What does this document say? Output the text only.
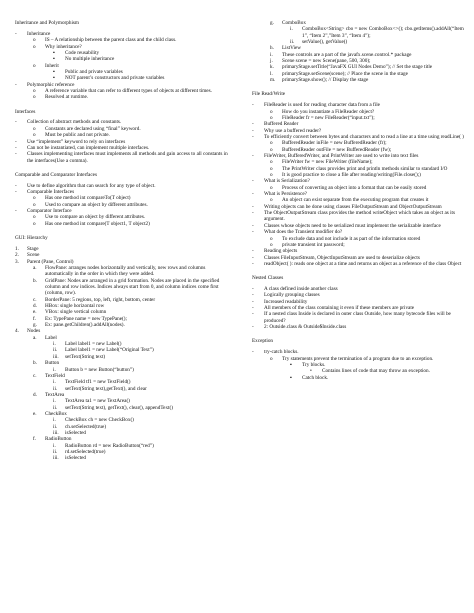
Inheritance and Polymorphism
- Inheritance
o IS – A relationship between the parent class and the child class.
o Why inheritance?
▪ Code reusability
▪ No multiple inheritance
o Inherit
▪ Public and private variables
▪ NOT parent’s constructors and private variables
- Polymorphic reference
o A reference variable that can refer to different types of objects at different times.
o Resolved at runtime.
Interfaces
- Collection of abstract methods and constants.
o Constants are declared using “final” keyword.
o Must be public and not private.
- Use “implement” keyword to rely on interfaces
- Can not be instantiated, can implement multiple interfaces.
- Classes implementing interfaces must implements all methods and gain access to all constants in the interfaces(Use a comma).
Comparable and Comparator Interfaces
- Use to define algorithm that can search for any type of object.
- Comparable Interfaces
o Has one method int compareTo(T object)
o Used to compare an object by different attributes.
- Comparator Interface
o Use to compare an object by different attributes.
o Has one method int compare(T object1, T object2)
GUI: Hierarchy
1. Stage
2. Scene
3. Parent (Pane, Control)
a. FlowPane: arranges nodes horizontally and vertically, new rows and columns automatically in the order in which they were added.
b. GridPane: Nodes are arranged in a grid formation. Nodes are placed in the specified column and row indices. Indices always start from 0, and column indices come first (column, row).
c. BorderPane: 5 regions, top, left, right, bottom, center
d. HBox: single horizontal row
e. VBox: single vertical column
f. Ex: TypePane name = new TypePane();
g. Ex: pane.getChildren().addAll(nodes).
4. Nodes
a. Label
i. Label label1 = new Label()
ii. Label label1 = new Label(“Original Text”)
iii. setText(String text)
b. Button
i. Button b = new Button(“button”)
c. TextField
i. TextField tf1 = new TextField()
ii. setText(String text),getText(), and clear
d. TextArea
i. TextArea ta1 = new TextArea()
ii. setText(String text), getText(), clear(), appendText()
e. CheckBox
i. CheckBox ch = new CheckBox()
ii. ch.setSelected(true)
iii. isSelected
f. RadioButton
i. RadioButton rd = new RadioButton(“red”)
ii. rd.setSelected(true)
iii. isSelected
g. ComboBox
i. ComboBox<String> cbo = new ComboBox<>(); cbo.getItems().addAll(“Item 1”, “Item 2”,”Item 3”, “Item 4”);
ii. setValue(), getValue()
h. ListView
i. These controls are a part of the javafx.scene.control.* package
j. Scene scene = new Scene(pane, 500, 300);
k. primaryStage.setTitle(“JavaFX GUI Nodes Demo”); // Set the stage title
l. primaryStage.setScene(scene); // Place the scene in the stage
m. primaryStage.show(); // Display the stage
File Read/Write
- FileReader is used for reading character data from a file
o How do you instantiate a FileReader object?
o FileReader fr = new FileReader(“input.txt”);
- Buffered Reader
- Why use a buffered reader?
- To efficiently convert between bytes and characters and to read a line at a time using readLine( )
o BufferedReader inFile = new BufferedReader (fr);
o BufferedReader outFile = new BufferedReader (fw);
- FileWriter, BufferedWriter, and PrintWriter are used to write into text files
o FileWriter fw = new FileWriter (fileName);
o The PrintWriter class provides print and println methods similar to standard I/O
o It is good practice to close a file after reading/writing(File.close();)
- What is Serialization?
o Process of converting an object into a format that can be easily stored
- What is Persistence?
o An object can exist separate from the executing program that creates it
- Writing objects can be done using classes FileOutputStream and ObjectOutputStream
- The ObjectOutputStream class provides the method writeObject which takes an object as its argument.
- Classes whose objects need to be serialized must implement the serializable interface
- What does the Transient modifier do?
o To exclude data and not include it as part of the information stored
o private transient int password;
- Reading objects
- Classes FileInputStream, ObjectInputStream are used to deserialize objects
- readObject( ): reads one object at a time and returns an object as a reference of the class Object
Nested Classes
- A class defined inside another class
- Logically grouping classes
- Increased readability
- All members of the class containing it even if these members are private
- If a nested class Inside is declared in outer class Outside, how many bytecode files will be produced?
- 2: Outside.class & Outside$Inside.class
Exception
- try-catch blocks.
o Try statements prevent the termination of a program due to an exception.
▪ Try blocks.
• Contains lines of code that may throw an exception.
▪ Catch block.
